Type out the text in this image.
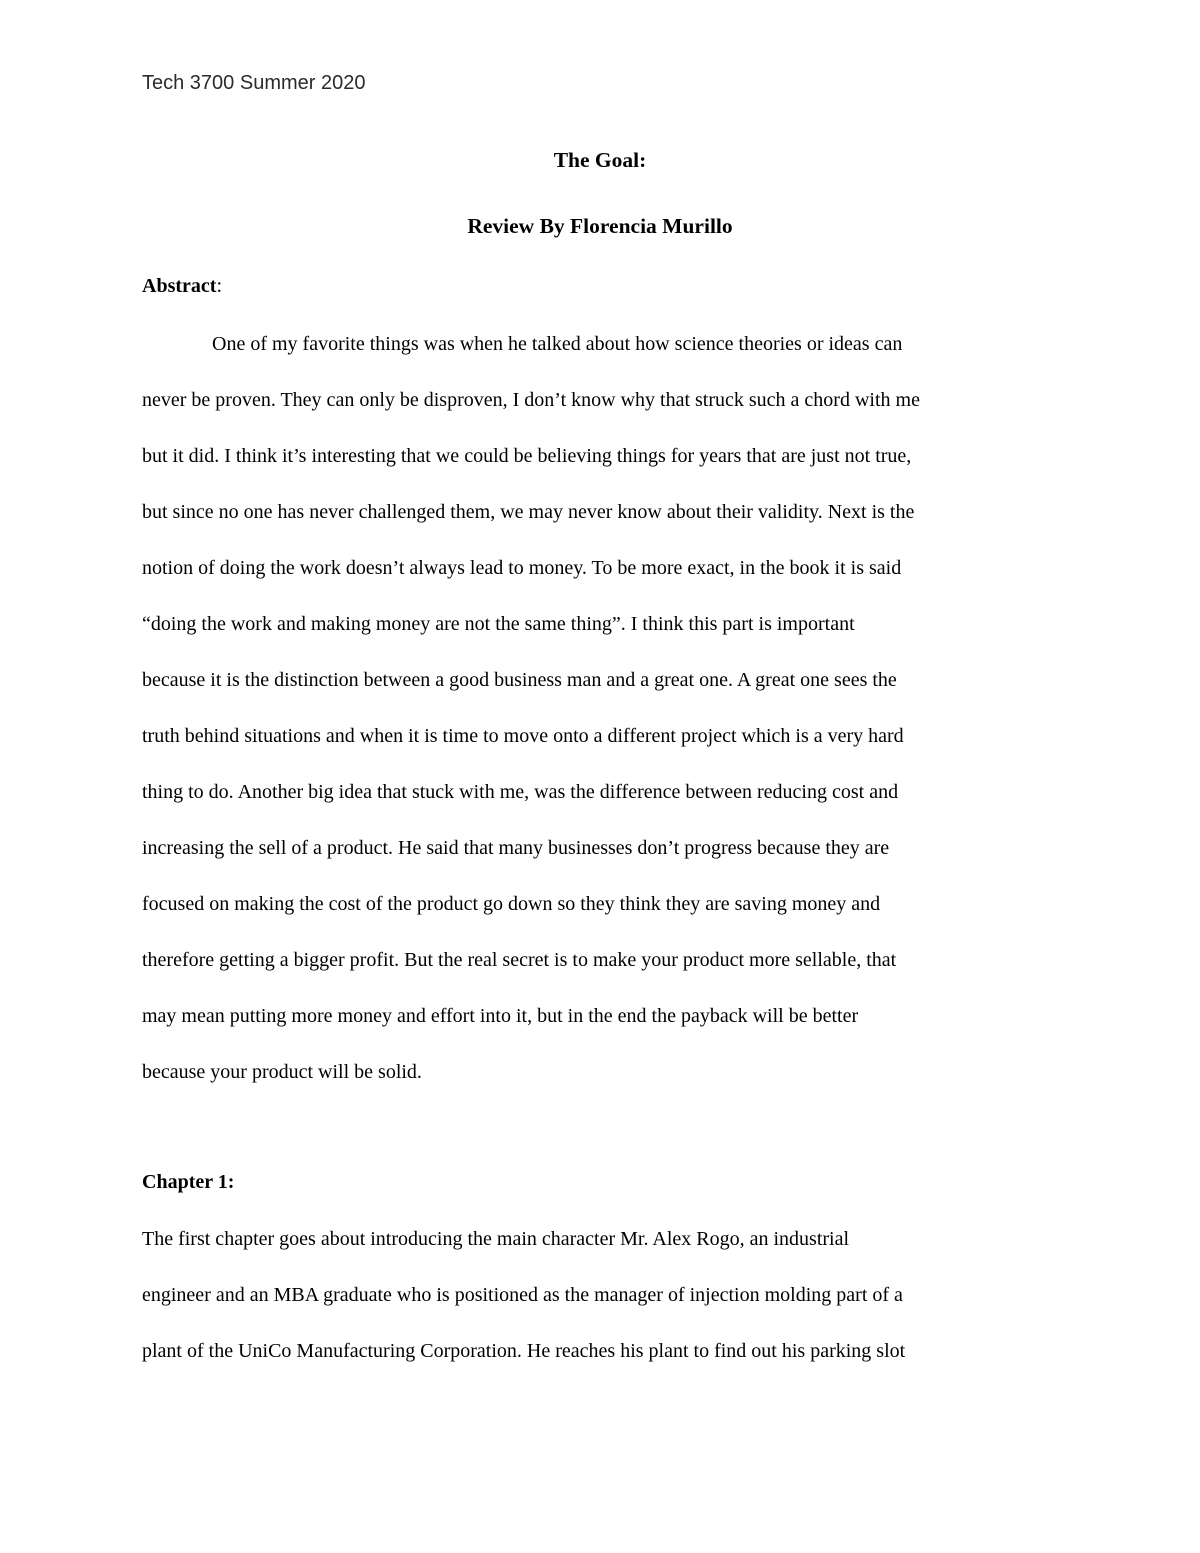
Tech 3700 Summer 2020
The Goal:
Review By Florencia Murillo
Abstract:
One of my favorite things was when he talked about how science theories or ideas can
never be proven. They can only be disproven, I don’t know why that struck such a chord with me
but it did. I think it’s interesting that we could be believing things for years that are just not true,
but since no one has never challenged them, we may never know about their validity. Next is the
notion of doing the work doesn’t always lead to money. To be more exact, in the book it is said
“doing the work and making money are not the same thing”. I think this part is important
because it is the distinction between a good business man and a great one. A great one sees the
truth behind situations and when it is time to move onto a different project which is a very hard
thing to do. Another big idea that stuck with me, was the difference between reducing cost and
increasing the sell of a product. He said that many businesses don’t progress because they are
focused on making the cost of the product go down so they think they are saving money and
therefore getting a bigger profit. But the real secret is to make your product more sellable, that
may mean putting more money and effort into it, but in the end the payback will be better
because your product will be solid.
Chapter 1:
The first chapter goes about introducing the main character Mr. Alex Rogo, an industrial
engineer and an MBA graduate who is positioned as the manager of injection molding part of a
plant of the UniCo Manufacturing Corporation. He reaches his plant to find out his parking slot
